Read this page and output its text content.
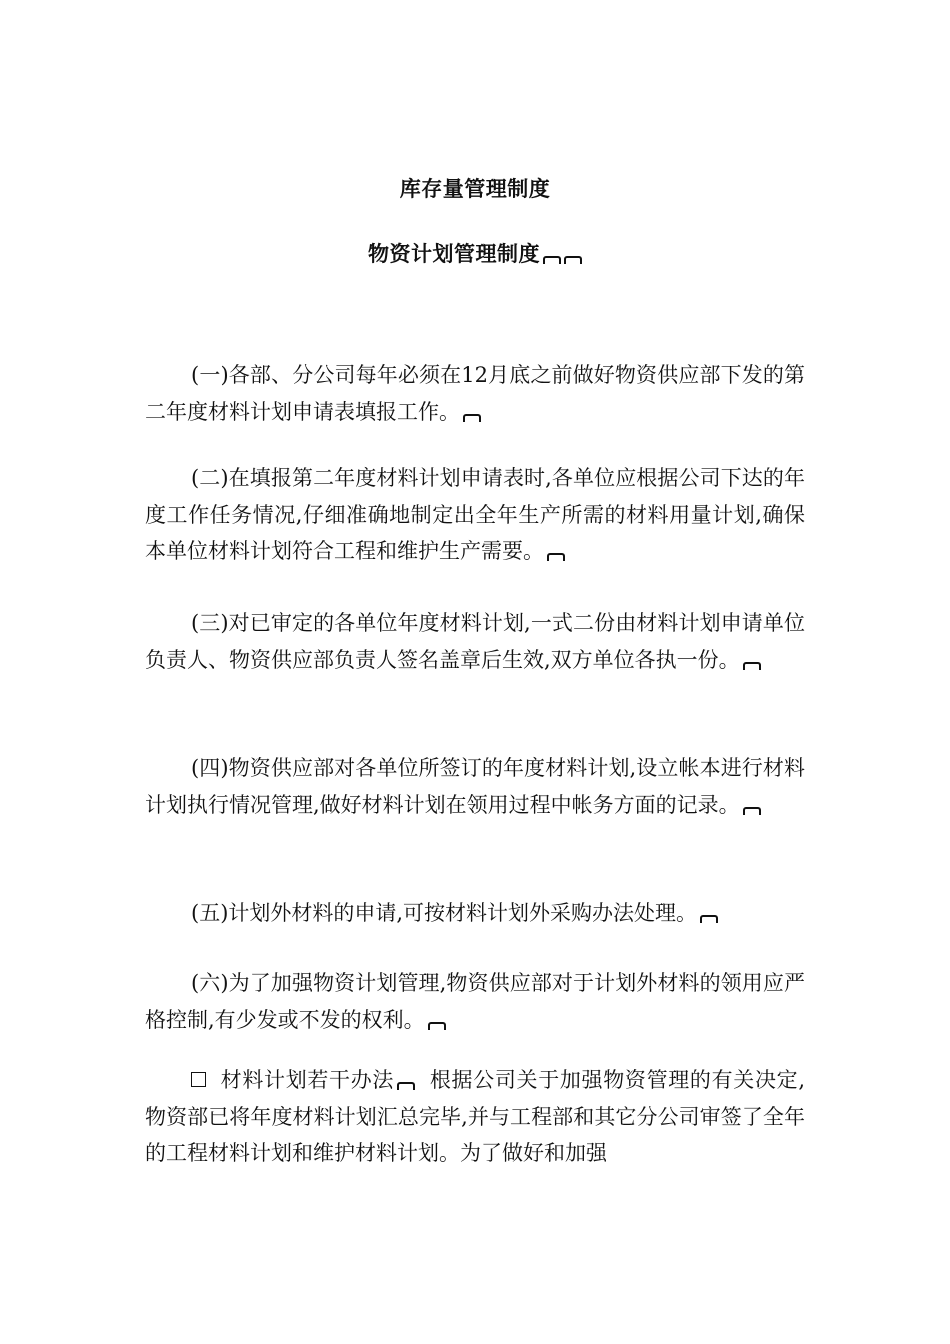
库存量管理制度
物资计划管理制度
(一)各部、分公司每年必须在12月底之前做好物资供应部下发的第二年度材料计划申请表填报工作。
(二)在填报第二年度材料计划申请表时,各单位应根据公司下达的年度工作任务情况,仔细准确地制定出全年生产所需的材料用量计划,确保本单位材料计划符合工程和维护生产需要。
(三)对已审定的各单位年度材料计划,一式二份由材料计划申请单位负责人、物资供应部负责人签名盖章后生效,双方单位各执一份。
(四)物资供应部对各单位所签订的年度材料计划,设立帐本进行材料计划执行情况管理,做好材料计划在领用过程中帐务方面的记录。
(五)计划外材料的申请,可按材料计划外采购办法处理。
(六)为了加强物资计划管理,物资供应部对于计划外材料的领用应严格控制,有少发或不发的权利。
材料计划若干办法 根据公司关于加强物资管理的有关决定,物资部已将年度材料计划汇总完毕,并与工程部和其它分公司审签了全年的工程材料计划和维护材料计划。为了做好和加强
